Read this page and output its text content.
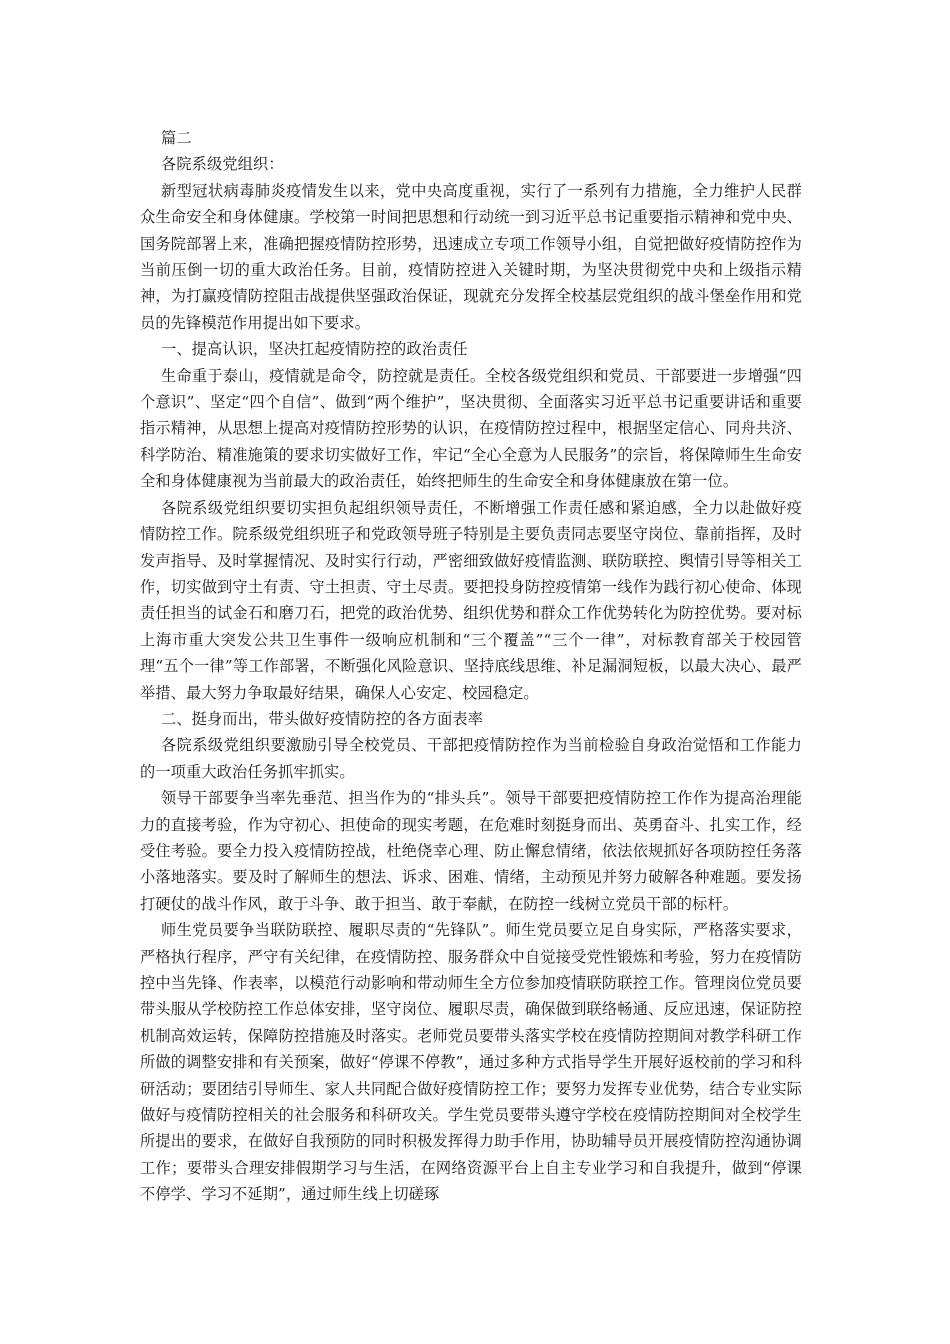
篇二

各院系级党组织：

新型冠状病毒肺炎疫情发生以来，党中央高度重视，实行了一系列有力措施，全力维护人民群众生命安全和身体健康。学校第一时间把思想和行动统一到习近平总书记重要指示精神和党中央、国务院部署上来，准确把握疫情防控形势，迅速成立专项工作领导小组，自觉把做好疫情防控作为当前压倒一切的重大政治任务。目前，疫情防控进入关键时期，为坚决贯彻党中央和上级指示精神，为打赢疫情防控阻击战提供坚强政治保证，现就充分发挥全校基层党组织的战斗堡垒作用和党员的先锋模范作用提出如下要求。

一、提高认识，坚决扛起疫情防控的政治责任

生命重于泰山，疫情就是命令，防控就是责任。全校各级党组织和党员、干部要进一步增强“四个意识”、坚定“四个自信”、做到“两个维护”，坚决贯彻、全面落实习近平总书记重要讲话和重要指示精神，从思想上提高对疫情防控形势的认识，在疫情防控过程中，根据坚定信心、同舟共济、科学防治、精准施策的要求切实做好工作，牢记“全心全意为人民服务”的宗旨，将保障师生生命安全和身体健康视为当前最大的政治责任，始终把师生的生命安全和身体健康放在第一位。

各院系级党组织要切实担负起组织领导责任，不断增强工作责任感和紧迫感，全力以赴做好疫情防控工作。院系级党组织班子和党政领导班子特别是主要负责同志要坚守岗位、靠前指挥，及时发声指导、及时掌握情况、及时实行行动，严密细致做好疫情监测、联防联控、舆情引导等相关工作，切实做到守土有责、守土担责、守土尽责。要把投身防控疫情第一线作为践行初心使命、体现责任担当的试金石和磨刀石，把党的政治优势、组织优势和群众工作优势转化为防控优势。要对标上海市重大突发公共卫生事件一级响应机制和“三个覆盖”“三个一律”，对标教育部关于校园管理“五个一律”等工作部署，不断强化风险意识、坚持底线思维、补足漏洞短板，以最大决心、最严举措、最大努力争取最好结果，确保人心安定、校园稳定。

二、挺身而出，带头做好疫情防控的各方面表率

各院系级党组织要激励引导全校党员、干部把疫情防控作为当前检验自身政治觉悟和工作能力的一项重大政治任务抓牢抓实。

领导干部要争当率先垂范、担当作为的“排头兵”。领导干部要把疫情防控工作作为提高治理能力的直接考验，作为守初心、担使命的现实考题，在危难时刻挺身而出、英勇奋斗、扎实工作，经受住考验。要全力投入疫情防控战，杜绝侥幸心理、防止懈怠情绪，依法依规抓好各项防控任务落小落地落实。要及时了解师生的想法、诉求、困难、情绪，主动预见并努力破解各种难题。要发扬打硬仗的战斗作风，敢于斗争、敢于担当、敢于奉献，在防控一线树立党员干部的标杆。

师生党员要争当联防联控、履职尽责的“先锋队”。师生党员要立足自身实际，严格落实要求，严格执行程序，严守有关纪律，在疫情防控、服务群众中自觉接受党性锻炼和考验，努力在疫情防控中当先锋、作表率，以模范行动影响和带动师生全方位参加疫情联防联控工作。管理岗位党员要带头服从学校防控工作总体安排，坚守岗位、履职尽责，确保做到联络畅通、反应迅速，保证防控机制高效运转，保障防控措施及时落实。老师党员要带头落实学校在疫情防控期间对教学科研工作所做的调整安排和有关预案，做好“停课不停教”，通过多种方式指导学生开展好返校前的学习和科研活动；要团结引导师生、家人共同配合做好疫情防控工作；要努力发挥专业优势，结合专业实际做好与疫情防控相关的社会服务和科研攻关。学生党员要带头遵守学校在疫情防控期间对全校学生所提出的要求，在做好自我预防的同时积极发挥得力助手作用，协助辅导员开展疫情防控沟通协调工作；要带头合理安排假期学习与生活，在网络资源平台上自主专业学习和自我提升，做到“停课不停学、学习不延期”，通过师生线上切磋琢
